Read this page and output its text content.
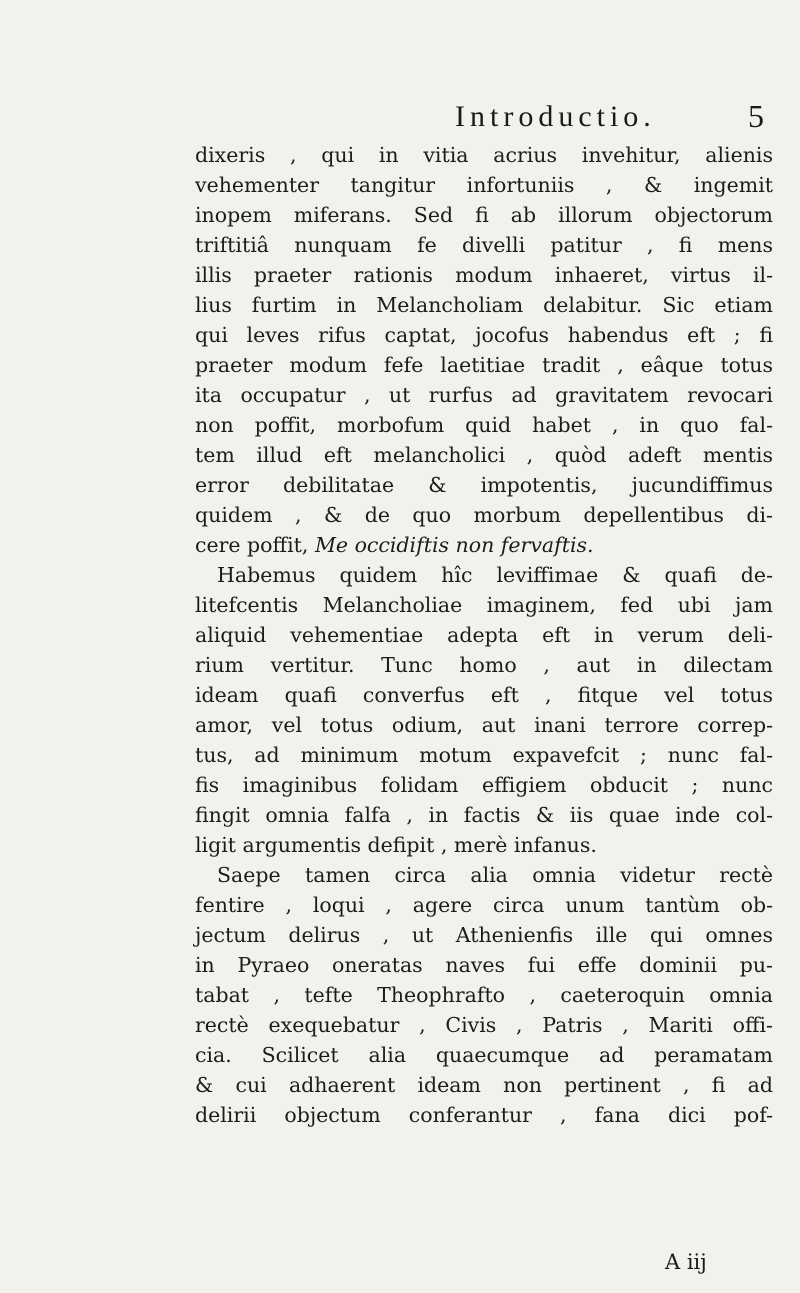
Introductio.	5
dixeris , qui in vitia acrius invehitur, alienis
vehementer tangitur infortuniis , & ingemit
inopem miferans. Sed fi ab illorum objectorum
triftitiâ nunquam fe divelli patitur , fi mens
illis praeter rationis modum inhaeret, virtus il-
lius furtim in Melancholiam delabitur. Sic etiam
qui leves rifus captat, jocofus habendus eft ; fi
praeter modum fefe laetitiae tradit , eâque totus
ita occupatur , ut rurfus ad gravitatem revocari
non poffit, morbofum quid habet , in quo fal-
tem illud eft melancholici , quòd adeft mentis
error debilitatae & impotentis, jucundiffimus
quidem , & de quo morbum depellentibus di-
cere poffit, Me occidiftis non fervaftis.
Habemus quidem hîc leviffimae & quafi de-
litefcentis Melancholiae imaginem, fed ubi jam
aliquid vehementiae adepta eft in verum deli-
rium vertitur. Tunc homo , aut in dilectam
ideam quafi converfus eft , fitque vel totus
amor, vel totus odium, aut inani terrore correp-
tus, ad minimum motum expavefcit ; nunc fal-
fis imaginibus folidam effigiem obducit ; nunc
fingit omnia falfa , in factis & iis quae inde col-
ligit argumentis defipit , merè infanus.
Saepe tamen circa alia omnia videtur rectè
fentire , loqui , agere circa unum tantùm ob-
jectum delirus , ut Athenienfis ille qui omnes
in Pyraeo oneratas naves fui effe dominii pu-
tabat , tefte Theophrafto , caeteroquin omnia
rectè exequebatur , Civis , Patris , Mariti offi-
cia. Scilicet alia quaecumque ad peramatam
& cui adhaerent ideam non pertinent , fi ad
delirii objectum conferantur , fana dici pof-
A iij
